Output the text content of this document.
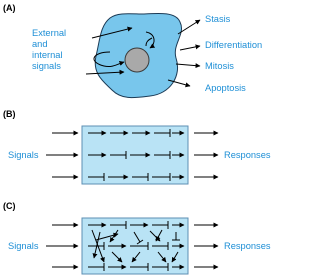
(A)
External and internal signals
Stasis
Differentiation
Mitosis
Apoptosis
(B)
Signals	Responses
(C)
Signals	Responses
